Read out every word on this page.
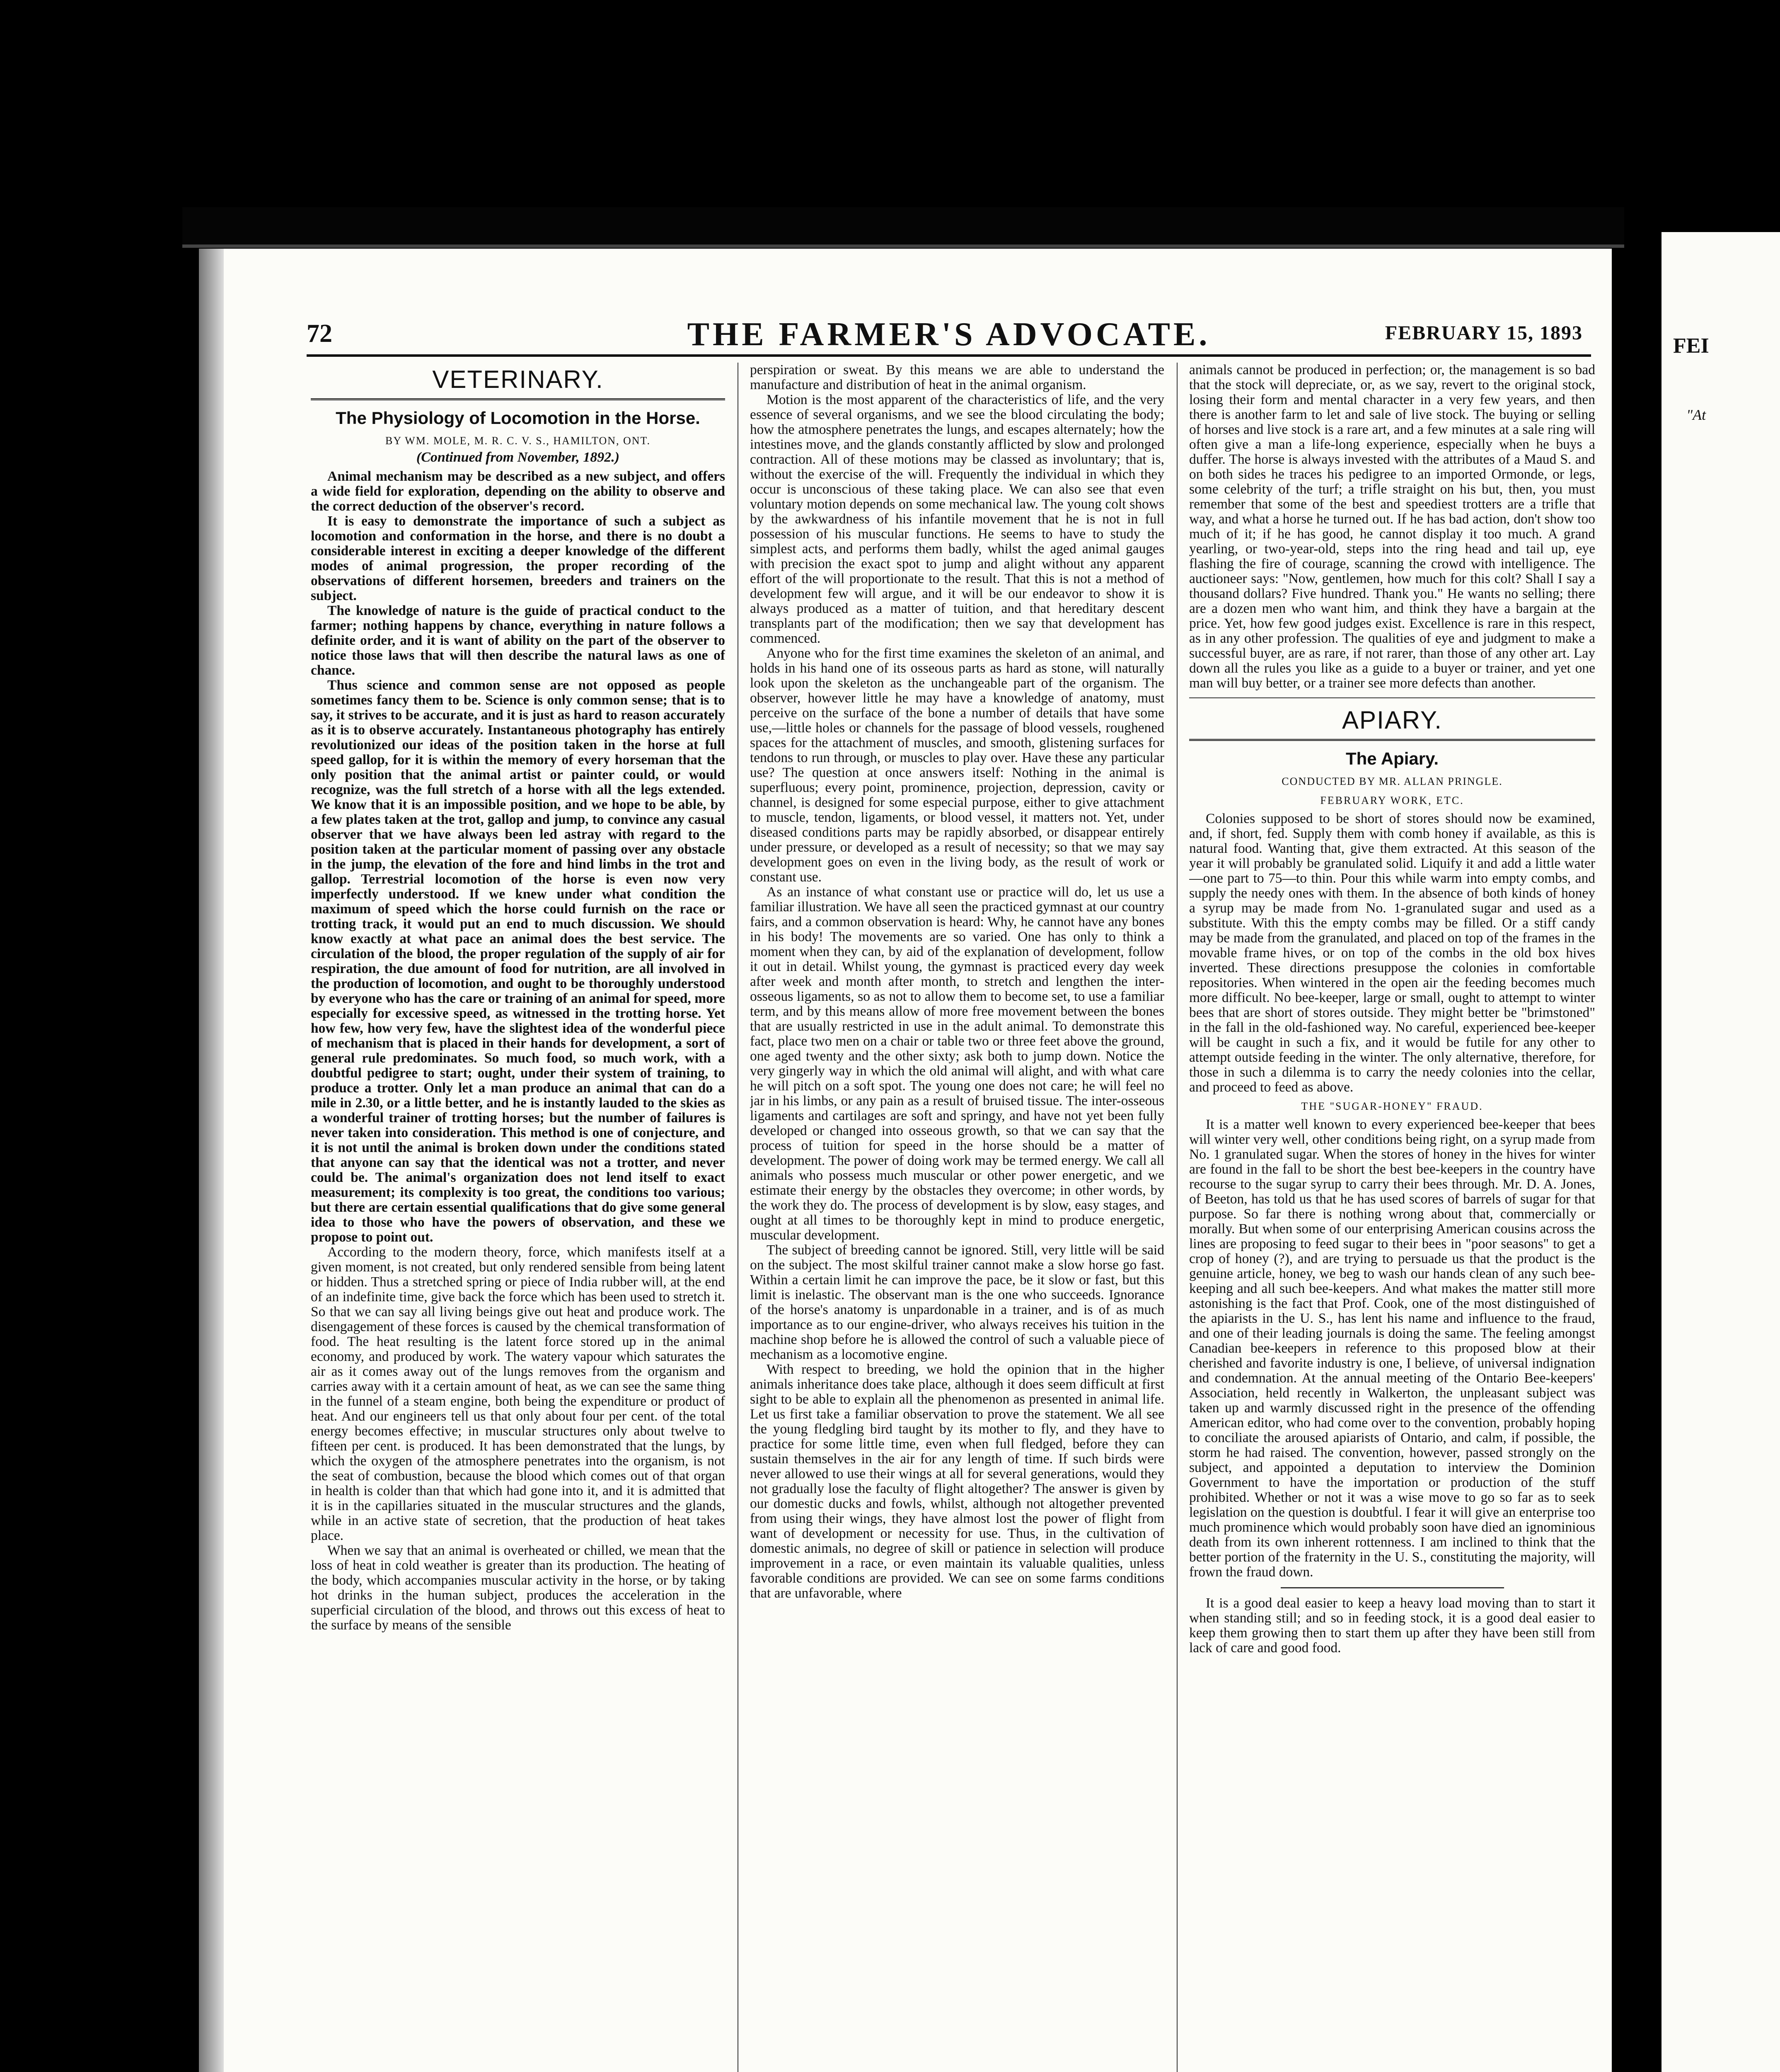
72	THE FARMER'S ADVOCATE.	FEBRUARY 15, 1893
VETERINARY.
The Physiology of Locomotion in the Horse.
BY WM. MOLE, M. R. C. V. S., HAMILTON, ONT.
(Continued from November, 1892.)

Animal mechanism may be described as a new subject, and offers a wide field for exploration, depending on the ability to observe and the correct deduction of the observer's record.

It is easy to demonstrate the importance of such a subject as locomotion and conformation in the horse, and there is no doubt a considerable interest in exciting a deeper knowledge of the different modes of animal progression, the proper recording of the observations of different horsemen, breeders and trainers on the subject.

The knowledge of nature is the guide of practical conduct to the farmer; nothing happens by chance, everything in nature follows a definite order, and it is want of ability on the part of the observer to notice those laws that will then describe the natural laws as one of chance.

Thus science and common sense are not opposed as people sometimes fancy them to be. Science is only common sense; that is to say, it strives to be accurate, and it is just as hard to reason accurately as it is to observe accurately. Instantaneous photography has entirely revolutionized our ideas of the position taken in the horse at full speed gallop, for it is within the memory of every horseman that the only position that the animal artist or painter could, or would recognize, was the full stretch of a horse with all the legs extended. We know that it is an impossible position, and we hope to be able, by a few plates taken at the trot, gallop and jump, to convince any casual observer that we have always been led astray with regard to the position taken at the particular moment of passing over any obstacle in the jump, the elevation of the fore and hind limbs in the trot and gallop. Terrestrial locomotion of the horse is even now very imperfectly understood. If we knew under what condition the maximum of speed which the horse could furnish on the race or trotting track, it would put an end to much discussion. We should know exactly at what pace an animal does the best service. The circulation of the blood, the proper regulation of the supply of air for respiration, the due amount of food for nutrition, are all involved in the production of locomotion, and ought to be thoroughly understood by everyone who has the care or training of an animal for speed, more especially for excessive speed, as witnessed in the trotting horse. Yet how few, how very few, have the slightest idea of the wonderful piece of mechanism that is placed in their hands for development, a sort of general rule predominates. So much food, so much work, with a doubtful pedigree to start; ought, under their system of training, to produce a trotter. Only let a man produce an animal that can do a mile in 2.30, or a little better, and he is instantly lauded to the skies as a wonderful trainer of trotting horses; but the number of failures is never taken into consideration. This method is one of conjecture, and it is not until the animal is broken down under the conditions stated that anyone can say that the identical was not a trotter, and never could be. The animal's organization does not lend itself to exact measurement; its complexity is too great, the conditions too various; but there are certain essential qualifications that do give some general idea to those who have the powers of observation, and these we propose to point out.

According to the modern theory, force, which manifests itself at a given moment, is not created, but only rendered sensible from being latent or hidden. Thus a stretched spring or piece of India rubber will, at the end of an indefinite time, give back the force which has been used to stretch it. So that we can say all living beings give out heat and produce work. The disengagement of these forces is caused by the chemical transformation of food. The heat resulting is the latent force stored up in the animal economy, and produced by work. The watery vapour which saturates the air as it comes away out of the lungs removes from the organism and carries away with it a certain amount of heat, as we can see the same thing in the funnel of a steam engine, both being the expenditure or product of heat. And our engineers tell us that only about four per cent. of the total energy becomes effective; in muscular structures only about twelve to fifteen per cent. is produced. It has been demonstrated that the lungs, by which the oxygen of the atmosphere penetrates into the organism, is not the seat of combustion, because the blood which comes out of that organ in health is colder than that which had gone into it, and it is admitted that it is in the capillaries situated in the muscular structures and the glands, while in an active state of secretion, that the production of heat takes place.

When we say that an animal is overheated or chilled, we mean that the loss of heat in cold weather is greater than its production. The heating of the body, which accompanies muscular activity in the horse, or by taking hot drinks in the human subject, produces the acceleration in the superficial circulation of the blood, and throws out this excess of heat to the surface by means of the sensible

perspiration or sweat. By this means we are able to understand the manufacture and distribution of heat in the animal organism.

Motion is the most apparent of the characteristics of life, and the very essence of several organisms, and we see the blood circulating the body; how the atmosphere penetrates the lungs, and escapes alternately; how the intestines move, and the glands constantly afflicted by slow and prolonged contraction. All of these motions may be classed as involuntary; that is, without the exercise of the will. Frequently the individual in which they occur is unconscious of these taking place. We can also see that even voluntary motion depends on some mechanical law. The young colt shows by the awkwardness of his infantile movement that he is not in full possession of his muscular functions. He seems to have to study the simplest acts, and performs them badly, whilst the aged animal gauges with precision the exact spot to jump and alight without any apparent effort of the will proportionate to the result. That this is not a method of development few will argue, and it will be our endeavor to show it is always produced as a matter of tuition, and that hereditary descent transplants part of the modification; then we say that development has commenced.

Anyone who for the first time examines the skeleton of an animal, and holds in his hand one of its osseous parts as hard as stone, will naturally look upon the skeleton as the unchangeable part of the organism. The observer, however little he may have a knowledge of anatomy, must perceive on the surface of the bone a number of details that have some use,—little holes or channels for the passage of blood vessels, roughened spaces for the attachment of muscles, and smooth, glistening surfaces for tendons to run through, or muscles to play over. Have these any particular use? The question at once answers itself: Nothing in the animal is superfluous; every point, prominence, projection, depression, cavity or channel, is designed for some especial purpose, either to give attachment to muscle, tendon, ligaments, or blood vessel, it matters not. Yet, under diseased conditions parts may be rapidly absorbed, or disappear entirely under pressure, or developed as a result of necessity; so that we may say development goes on even in the living body, as the result of work or constant use.

As an instance of what constant use or practice will do, let us use a familiar illustration. We have all seen the practiced gymnast at our country fairs, and a common observation is heard: Why, he cannot have any bones in his body! The movements are so varied. One has only to think a moment when they can, by aid of the explanation of development, follow it out in detail. Whilst young, the gymnast is practiced every day week after week and month after month, to stretch and lengthen the inter-osseous ligaments, so as not to allow them to become set, to use a familiar term, and by this means allow of more free movement between the bones that are usually restricted in use in the adult animal. To demonstrate this fact, place two men on a chair or table two or three feet above the ground, one aged twenty and the other sixty; ask both to jump down. Notice the very gingerly way in which the old animal will alight, and with what care he will pitch on a soft spot. The young one does not care; he will feel no jar in his limbs, or any pain as a result of bruised tissue. The inter-osseous ligaments and cartilages are soft and springy, and have not yet been fully developed or changed into osseous growth, so that we can say that the process of tuition for speed in the horse should be a matter of development. The power of doing work may be termed energy. We call all animals who possess much muscular or other power energetic, and we estimate their energy by the obstacles they overcome; in other words, by the work they do. The process of development is by slow, easy stages, and ought at all times to be thoroughly kept in mind to produce energetic, muscular development.

The subject of breeding cannot be ignored. Still, very little will be said on the subject. The most skilful trainer cannot make a slow horse go fast. Within a certain limit he can improve the pace, be it slow or fast, but this limit is inelastic. The observant man is the one who succeeds. Ignorance of the horse's anatomy is unpardonable in a trainer, and is of as much importance as to our engine-driver, who always receives his tuition in the machine shop before he is allowed the control of such a valuable piece of mechanism as a locomotive engine.

With respect to breeding, we hold the opinion that in the higher animals inheritance does take place, although it does seem difficult at first sight to be able to explain all the phenomenon as presented in animal life. Let us first take a familiar observation to prove the statement. We all see the young fledgling bird taught by its mother to fly, and they have to practice for some little time, even when full fledged, before they can sustain themselves in the air for any length of time. If such birds were never allowed to use their wings at all for several generations, would they not gradually lose the faculty of flight altogether? The answer is given by our domestic ducks and fowls, whilst, although not altogether prevented from using their wings, they have almost lost the power of flight from want of development or necessity for use. Thus, in the cultivation of domestic animals, no degree of skill or patience in selection will produce improvement in a race, or even maintain its valuable qualities, unless favorable conditions are provided. We can see on some farms conditions that are unfavorable, where

animals cannot be produced in perfection; or, the management is so bad that the stock will depreciate, or, as we say, revert to the original stock, losing their form and mental character in a very few years, and then there is another farm to let and sale of live stock. The buying or selling of horses and live stock is a rare art, and a few minutes at a sale ring will often give a man a life-long experience, especially when he buys a duffer. The horse is always invested with the attributes of a Maud S. and on both sides he traces his pedigree to an imported Ormonde, or legs, some celebrity of the turf; a trifle straight on his but, then, you must remember that some of the best and speediest trotters are a trifle that way, and what a horse he turned out. If he has bad action, don't show too much of it; if he has good, he cannot display it too much. A grand yearling, or two-year-old, steps into the ring head and tail up, eye flashing the fire of courage, scanning the crowd with intelligence. The auctioneer says: "Now, gentlemen, how much for this colt? Shall I say a thousand dollars? Five hundred. Thank you." He wants no selling; there are a dozen men who want him, and think they have a bargain at the price. Yet, how few good judges exist. Excellence is rare in this respect, as in any other profession. The qualities of eye and judgment to make a successful buyer, are as rare, if not rarer, than those of any other art. Lay down all the rules you like as a guide to a buyer or trainer, and yet one man will buy better, or a trainer see more defects than another.

APIARY.
The Apiary.
CONDUCTED BY MR. ALLAN PRINGLE.
FEBRUARY WORK, ETC.

Colonies supposed to be short of stores should now be examined, and, if short, fed. Supply them with comb honey if available, as this is natural food. Wanting that, give them extracted. At this season of the year it will probably be granulated solid. Liquify it and add a little water—one part to 75—to thin. Pour this while warm into empty combs, and supply the needy ones with them. In the absence of both kinds of honey a syrup may be made from No. 1-granulated sugar and used as a substitute. With this the empty combs may be filled. Or a stiff candy may be made from the granulated, and placed on top of the frames in the movable frame hives, or on top of the combs in the old box hives inverted. These directions presuppose the colonies in comfortable repositories. When wintered in the open air the feeding becomes much more difficult. No bee-keeper, large or small, ought to attempt to winter bees that are short of stores outside. They might better be "brimstoned" in the fall in the old-fashioned way. No careful, experienced bee-keeper will be caught in such a fix, and it would be futile for any other to attempt outside feeding in the winter. The only alternative, therefore, for those in such a dilemma is to carry the needy colonies into the cellar, and proceed to feed as above.

THE "SUGAR-HONEY" FRAUD.

It is a matter well known to every experienced bee-keeper that bees will winter very well, other conditions being right, on a syrup made from No. 1 granulated sugar. When the stores of honey in the hives for winter are found in the fall to be short the best bee-keepers in the country have recourse to the sugar syrup to carry their bees through. Mr. D. A. Jones, of Beeton, has told us that he has used scores of barrels of sugar for that purpose. So far there is nothing wrong about that, commercially or morally. But when some of our enterprising American cousins across the lines are proposing to feed sugar to their bees in "poor seasons" to get a crop of honey (?), and are trying to persuade us that the product is the genuine article, honey, we beg to wash our hands clean of any such bee-keeping and all such bee-keepers. And what makes the matter still more astonishing is the fact that Prof. Cook, one of the most distinguished of the apiarists in the U. S., has lent his name and influence to the fraud, and one of their leading journals is doing the same. The feeling amongst Canadian bee-keepers in reference to this proposed blow at their cherished and favorite industry is one, I believe, of universal indignation and condemnation. At the annual meeting of the Ontario Bee-keepers' Association, held recently in Walkerton, the unpleasant subject was taken up and warmly discussed right in the presence of the offending American editor, who had come over to the convention, probably hoping to conciliate the aroused apiarists of Ontario, and calm, if possible, the storm he had raised. The convention, however, passed strongly on the subject, and appointed a deputation to interview the Dominion Government to have the importation or production of the stuff prohibited. Whether or not it was a wise move to go so far as to seek legislation on the question is doubtful. I fear it will give an enterprise too much prominence which would probably soon have died an ignominious death from its own inherent rottenness. I am inclined to think that the better portion of the fraternity in the U. S., constituting the majority, will frown the fraud down.

It is a good deal easier to keep a heavy load moving than to start it when standing still; and so in feeding stock, it is a good deal easier to keep them growing then to start them up after they have been still from lack of care and good food.

FEI
"At
